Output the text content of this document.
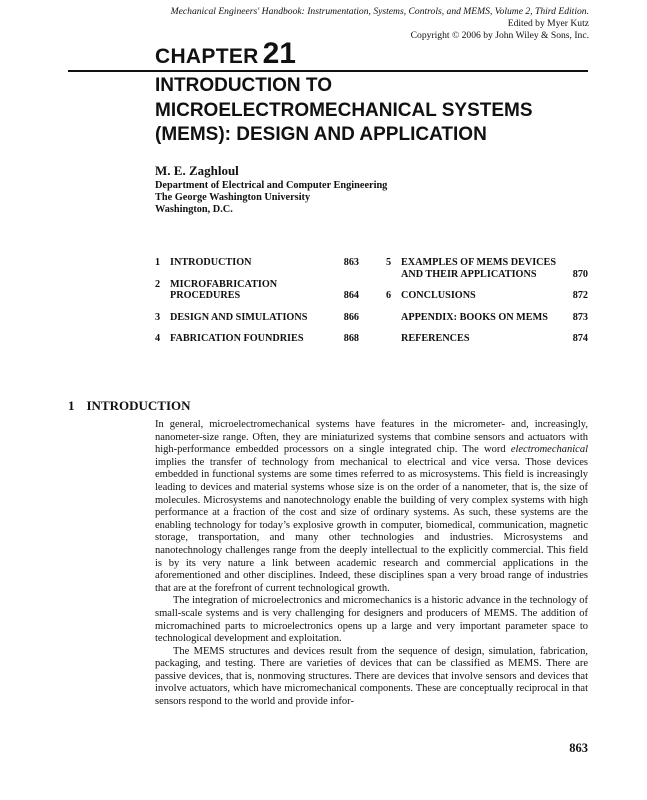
Mechanical Engineers' Handbook: Instrumentation, Systems, Controls, and MEMS, Volume 2, Third Edition.
Edited by Myer Kutz
Copyright © 2006 by John Wiley & Sons, Inc.
CHAPTER 21
INTRODUCTION TO
MICROELECTROMECHANICAL SYSTEMS
(MEMS): DESIGN AND APPLICATION
M. E. Zaghloul
Department of Electrical and Computer Engineering
The George Washington University
Washington, D.C.
1 INTRODUCTION	863
2 MICROFABRICATION PROCEDURES	864
3 DESIGN AND SIMULATIONS	866
4 FABRICATION FOUNDRIES	868
5 EXAMPLES OF MEMS DEVICES AND THEIR APPLICATIONS	870
6 CONCLUSIONS	872
APPENDIX: BOOKS ON MEMS	873
REFERENCES	874
1 INTRODUCTION

In general, microelectromechanical systems have features in the micrometer- and, increasingly, nanometer-size range. Often, they are miniaturized systems that combine sensors and actuators with high-performance embedded processors on a single integrated chip. The word electromechanical implies the transfer of technology from mechanical to electrical and vice versa. Those devices embedded in functional systems are some times referred to as microsystems. This field is increasingly leading to devices and material systems whose size is on the order of a nanometer, that is, the size of molecules. Microsystems and nanotechnology enable the building of very complex systems with high performance at a fraction of the cost and size of ordinary systems. As such, these systems are the enabling technology for today’s explosive growth in computer, biomedical, communication, magnetic storage, transportation, and many other technologies and industries. Microsystems and nanotechnology challenges range from the deeply intellectual to the explicitly commercial. This field is by its very nature a link between academic research and commercial applications in the aforementioned and other disciplines. Indeed, these disciplines span a very broad range of industries that are at the forefront of current technological growth.

The integration of microelectronics and micromechanics is a historic advance in the technology of small-scale systems and is very challenging for designers and producers of MEMS. The addition of micromachined parts to microelectronics opens up a large and very important parameter space to technological development and exploitation.

The MEMS structures and devices result from the sequence of design, simulation, fabrication, packaging, and testing. There are varieties of devices that can be classified as MEMS. There are passive devices, that is, nonmoving structures. There are devices that involve sensors and devices that involve actuators, which have micromechanical components. These are conceptually reciprocal in that sensors respond to the world and provide infor-

863
